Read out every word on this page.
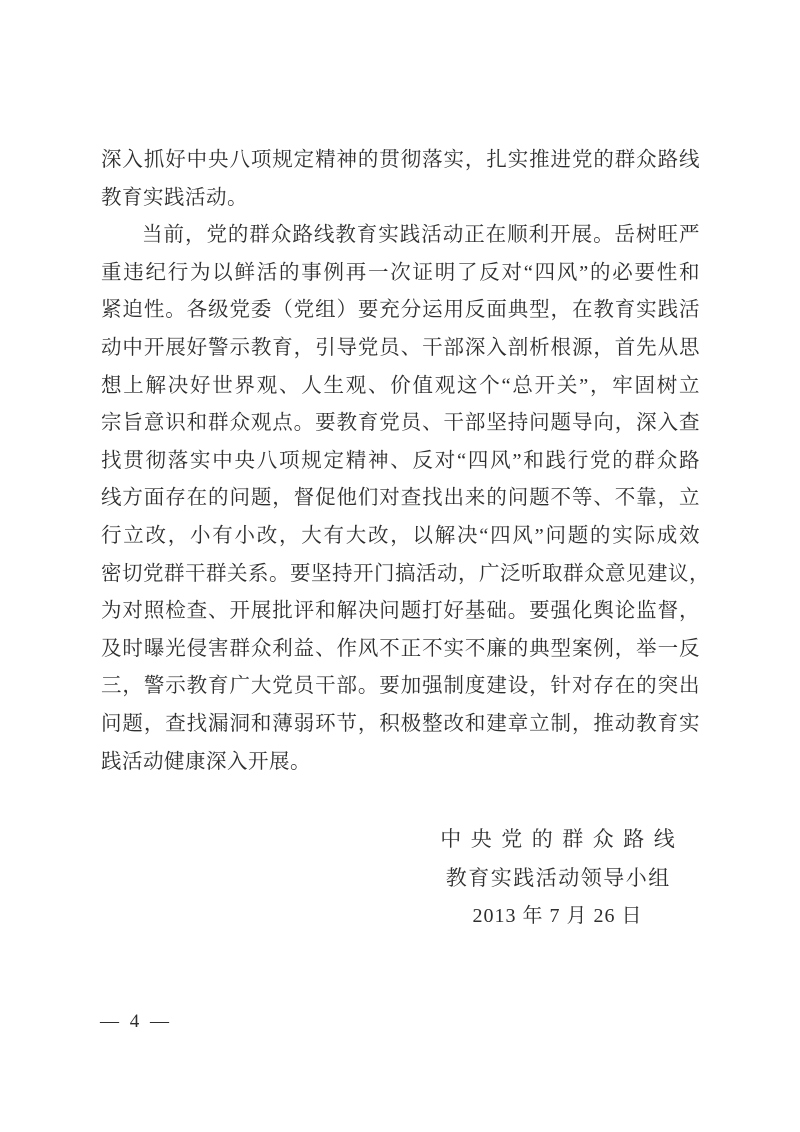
深入抓好中央八项规定精神的贯彻落实，扎实推进党的群众路线
教育实践活动。
当前，党的群众路线教育实践活动正在顺利开展。岳树旺严
重违纪行为以鲜活的事例再一次证明了反对“四风”的必要性和
紧迫性。各级党委（党组）要充分运用反面典型，在教育实践活
动中开展好警示教育，引导党员、干部深入剖析根源，首先从思
想上解决好世界观、人生观、价值观这个“总开关”，牢固树立
宗旨意识和群众观点。要教育党员、干部坚持问题导向，深入查
找贯彻落实中央八项规定精神、反对“四风”和践行党的群众路
线方面存在的问题，督促他们对查找出来的问题不等、不靠，立
行立改，小有小改，大有大改，以解决“四风”问题的实际成效
密切党群干群关系。要坚持开门搞活动，广泛听取群众意见建议，
为对照检查、开展批评和解决问题打好基础。要强化舆论监督，
及时曝光侵害群众利益、作风不正不实不廉的典型案例，举一反
三，警示教育广大党员干部。要加强制度建设，针对存在的突出
问题，查找漏洞和薄弱环节，积极整改和建章立制，推动教育实
践活动健康深入开展。
中央党的群众路线
教育实践活动领导小组
2013 年 7 月 26 日
— 4 —
